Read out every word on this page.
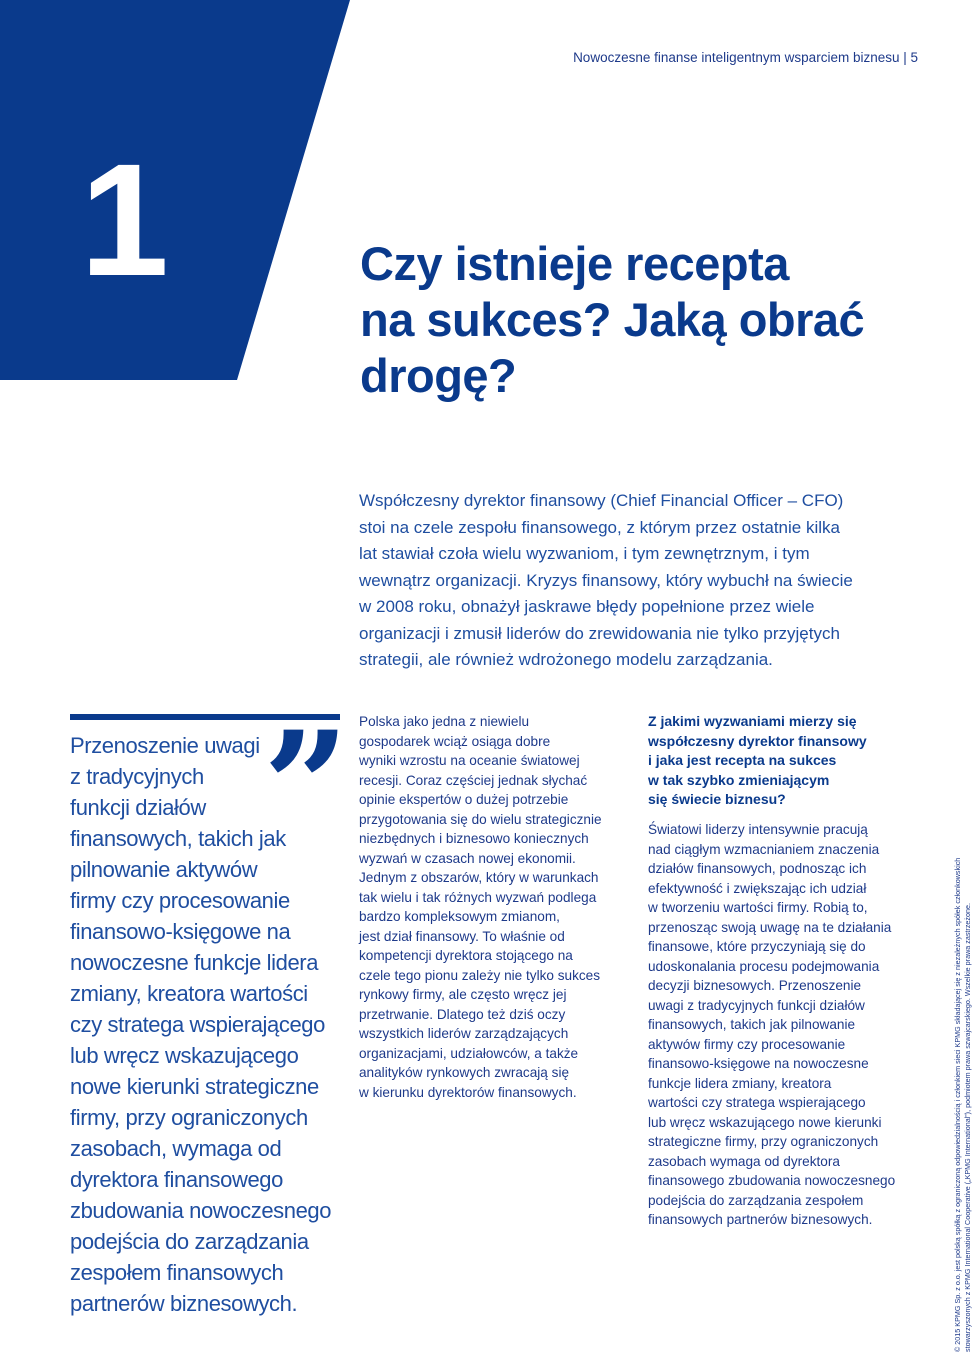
Nowoczesne finanse inteligentnym wsparciem biznesu | 5
1	Czy istnieje recepta
na sukces? Jaką obrać
drogę?

Współczesny dyrektor finansowy (Chief Financial Officer – CFO)
stoi na czele zespołu finansowego, z którym przez ostatnie kilka
lat stawiał czoła wielu wyzwaniom, i tym zewnętrznym, i tym
wewnątrz organizacji. Kryzys finansowy, który wybuchł na świecie
w 2008 roku, obnażył jaskrawe błędy popełnione przez wiele
organizacji i zmusił liderów do zrewidowania nie tylko przyjętych
strategii, ale również wdrożonego modelu zarządzania.

”

Przenoszenie uwagi
z tradycyjnych
funkcji działów
finansowych, takich jak
pilnowanie aktywów
firmy czy procesowanie
finansowo-księgowe na
nowoczesne funkcje lidera
zmiany, kreatora wartości
czy stratega wspierającego
lub wręcz wskazującego
nowe kierunki strategiczne
firmy, przy ograniczonych
zasobach, wymaga od
dyrektora finansowego
zbudowania nowoczesnego
podejścia do zarządzania
zespołem finansowych
partnerów biznesowych.

Polska jako jedna z niewielu
gospodarek wciąż osiąga dobre
wyniki wzrostu na oceanie światowej
recesji. Coraz częściej jednak słychać
opinie ekspertów o dużej potrzebie
przygotowania się do wielu strategicznie
niezbędnych i biznesowo koniecznych
wyzwań w czasach nowej ekonomii.
Jednym z obszarów, który w warunkach
tak wielu i tak różnych wyzwań podlega
bardzo kompleksowym zmianom,
jest dział finansowy. To właśnie od
kompetencji dyrektora stojącego na
czele tego pionu zależy nie tylko sukces
rynkowy firmy, ale często wręcz jej
przetrwanie. Dlatego też dziś oczy
wszystkich liderów zarządzających
organizacjami, udziałowców, a także
analityków rynkowych zwracają się
w kierunku dyrektorów finansowych.

Z jakimi wyzwaniami mierzy się
współczesny dyrektor finansowy
i jaka jest recepta na sukces
w tak szybko zmieniającym
się świecie biznesu?

Światowi liderzy intensywnie pracują
nad ciągłym wzmacnianiem znaczenia
działów finansowych, podnosząc ich
efektywność i zwiększając ich udział
w tworzeniu wartości firmy. Robią to,
przenosząc swoją uwagę na te działania
finansowe, które przyczyniają się do
udoskonalania procesu podejmowania
decyzji biznesowych. Przenoszenie
uwagi z tradycyjnych funkcji działów
finansowych, takich jak pilnowanie
aktywów firmy czy procesowanie
finansowo-księgowe na nowoczesne
funkcje lidera zmiany, kreatora
wartości czy stratega wspierającego
lub wręcz wskazującego nowe kierunki
strategiczne firmy, przy ograniczonych
zasobach wymaga od dyrektora
finansowego zbudowania nowoczesnego
podejścia do zarządzania zespołem
finansowych partnerów biznesowych.	© 2015 KPMG Sp. z o.o. jest polską spółką z ograniczoną odpowiedzialnością i członkiem sieci KPMG składającej się z niezależnych spółek członkowskich
stowarzyszonych z KPMG International Cooperative („KPMG International”), podmiotem prawa szwajcarskiego. Wszelkie prawa zastrzeżone.
